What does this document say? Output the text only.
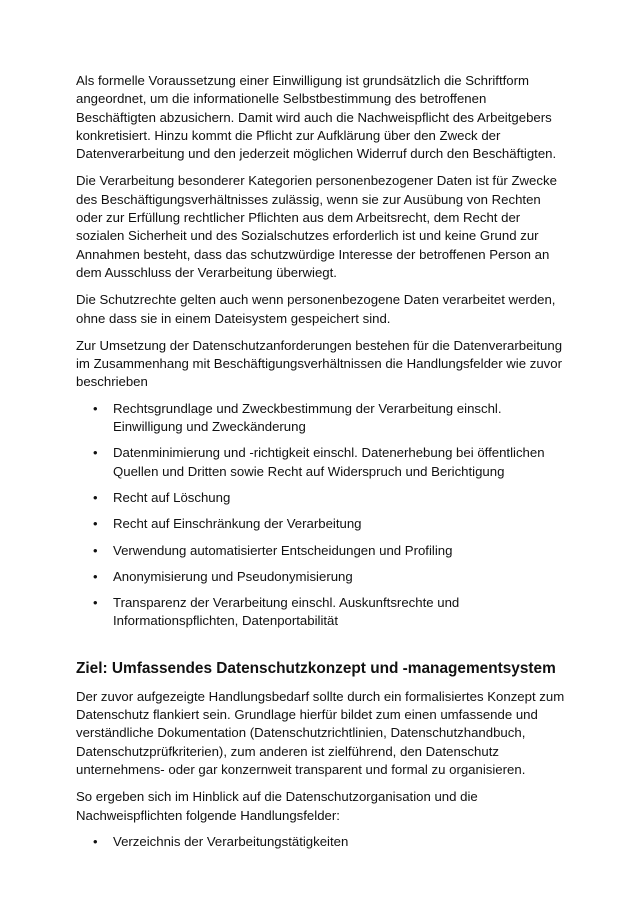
Als formelle Voraussetzung einer Einwilligung ist grundsätzlich die Schriftform angeordnet, um die informationelle Selbstbestimmung des betroffenen Beschäftigten abzusichern. Damit wird auch die Nachweispflicht des Arbeitgebers konkretisiert. Hinzu kommt die Pflicht zur Aufklärung über den Zweck der Datenverarbeitung und den jederzeit möglichen Widerruf durch den Beschäftigten.

Die Verarbeitung besonderer Kategorien personenbezogener Daten ist für Zwecke des Beschäftigungsverhältnisses zulässig, wenn sie zur Ausübung von Rechten oder zur Erfüllung rechtlicher Pflichten aus dem Arbeitsrecht, dem Recht der sozialen Sicherheit und des Sozialschutzes erforderlich ist und keine Grund zur Annahmen besteht, dass das schutzwürdige Interesse der betroffenen Person an dem Ausschluss der Verarbeitung überwiegt.

Die Schutzrechte gelten auch wenn personenbezogene Daten verarbeitet werden, ohne dass sie in einem Dateisystem gespeichert sind.

Zur Umsetzung der Datenschutzanforderungen bestehen für die Datenverarbeitung im Zusammenhang mit Beschäftigungsverhältnissen die Handlungsfelder wie zuvor beschrieben

• Rechtsgrundlage und Zweckbestimmung der Verarbeitung einschl. Einwilligung und Zweckänderung
• Datenminimierung und -richtigkeit einschl. Datenerhebung bei öffentlichen Quellen und Dritten sowie Recht auf Widerspruch und Berichtigung
• Recht auf Löschung
• Recht auf Einschränkung der Verarbeitung
• Verwendung automatisierter Entscheidungen und Profiling
• Anonymisierung und Pseudonymisierung
• Transparenz der Verarbeitung einschl. Auskunftsrechte und Informationspflichten, Datenportabilität
Ziel: Umfassendes Datenschutzkonzept und -managementsystem

Der zuvor aufgezeigte Handlungsbedarf sollte durch ein formalisiertes Konzept zum Datenschutz flankiert sein. Grundlage hierfür bildet zum einen umfassende und verständliche Dokumentation (Datenschutzrichtlinien, Datenschutzhandbuch, Datenschutzprüfkriterien), zum anderen ist zielführend, den Datenschutz unternehmens- oder gar konzernweit transparent und formal zu organisieren.

So ergeben sich im Hinblick auf die Datenschutzorganisation und die Nachweispflichten folgende Handlungsfelder:

• Verzeichnis der Verarbeitungstätigkeiten
